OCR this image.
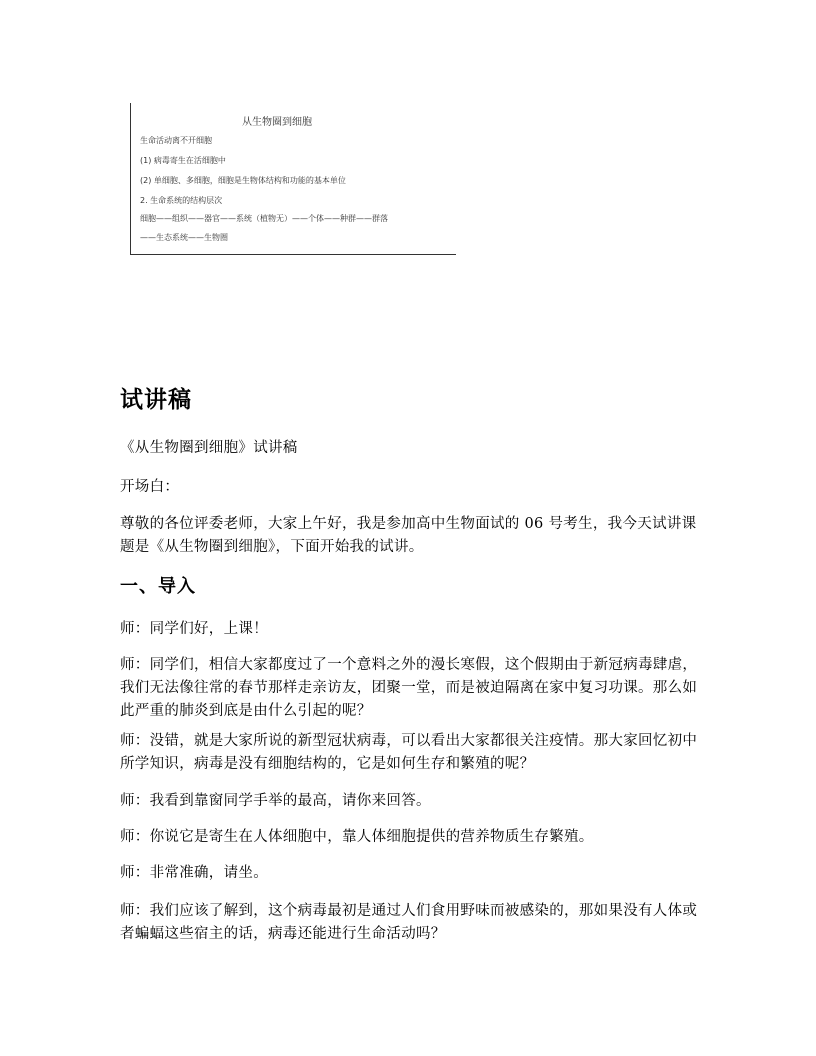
从生物圈到细胞
生命活动离不开细胞
(1) 病毒寄生在活细胞中
(2) 单细胞、多细胞，细胞是生物体结构和功能的基本单位
2. 生命系统的结构层次
细胞——组织——器官——系统（植物无）——个体——种群——群落
——生态系统——生物圈
试讲稿

《从生物圈到细胞》试讲稿

开场白：

尊敬的各位评委老师，大家上午好，我是参加高中生物面试的 06 号考生，我今天试讲课题是《从生物圈到细胞》，下面开始我的试讲。

一、导入

师：同学们好，上课！

师：同学们，相信大家都度过了一个意料之外的漫长寒假，这个假期由于新冠病毒肆虐，我们无法像往常的春节那样走亲访友，团聚一堂，而是被迫隔离在家中复习功课。那么如此严重的肺炎到底是由什么引起的呢？

师：没错，就是大家所说的新型冠状病毒，可以看出大家都很关注疫情。那大家回忆初中所学知识，病毒是没有细胞结构的，它是如何生存和繁殖的呢？

师：我看到靠窗同学手举的最高，请你来回答。

师：你说它是寄生在人体细胞中，靠人体细胞提供的营养物质生存繁殖。

师：非常准确，请坐。

师：我们应该了解到，这个病毒最初是通过人们食用野味而被感染的，那如果没有人体或者蝙蝠这些宿主的话，病毒还能进行生命活动吗？
